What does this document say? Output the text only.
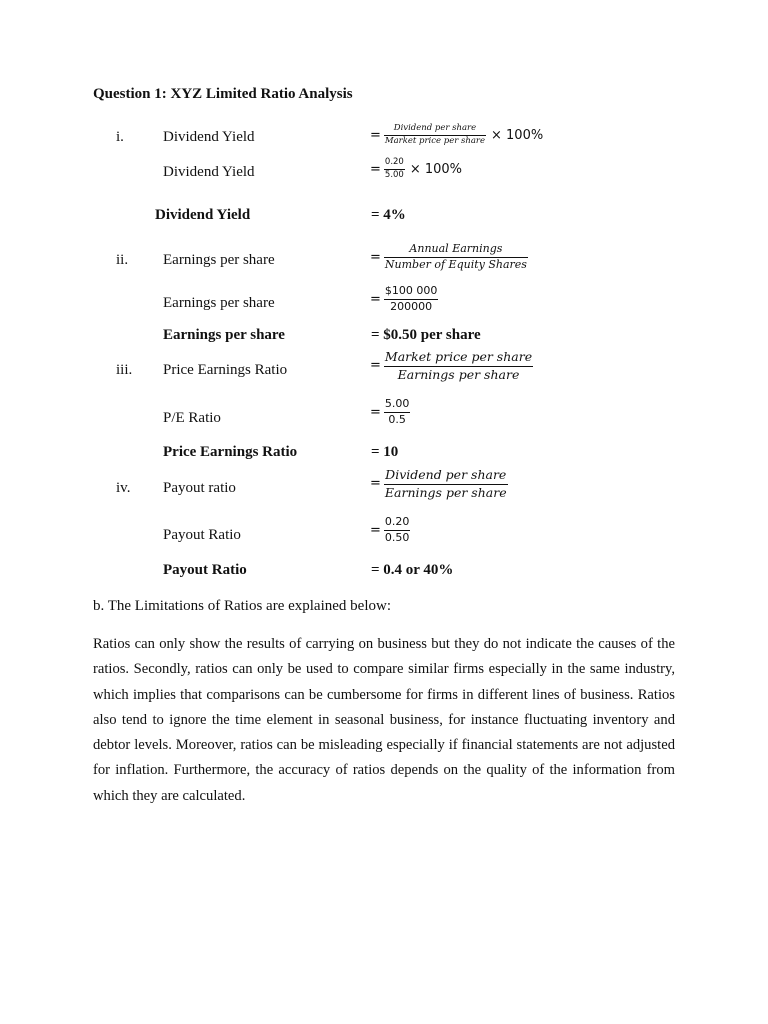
Question 1: XYZ Limited Ratio Analysis
i.	Dividend Yield	= $\frac{\text{Dividend per share}}{\text{Market price per share}} \times 100\%$
Dividend Yield	= $\frac{0.20}{5.00} \times 100\%$
Dividend Yield	= 4%
ii. Earnings per share	= $\frac{\text{Annual Earnings}}{\text{Number of Equity Shares}}$
Earnings per share	= $\frac{\$100 000}{200000}$
Earnings per share	= $0.50 per share
iii. Price Earnings Ratio	= $\frac{\text{Market price per share}}{\text{Earnings per share}}$
P/E Ratio	= $\frac{5.00}{0.5}$
Price Earnings Ratio	= 10
iv. Payout ratio	= $\frac{\text{Dividend per share}}{\text{Earnings per share}}$
Payout Ratio	= $\frac{0.20}{0.50}$
Payout Ratio	= 0.4 or 40%
b. The Limitations of Ratios are explained below:
Ratios can only show the results of carrying on business but they do not indicate the causes of the ratios. Secondly, ratios can only be used to compare similar firms especially in the same industry, which implies that comparisons can be cumbersome for firms in different lines of business. Ratios also tend to ignore the time element in seasonal business, for instance fluctuating inventory and debtor levels. Moreover, ratios can be misleading especially if financial statements are not adjusted for inflation. Furthermore, the accuracy of ratios depends on the quality of the information from which they are calculated.
